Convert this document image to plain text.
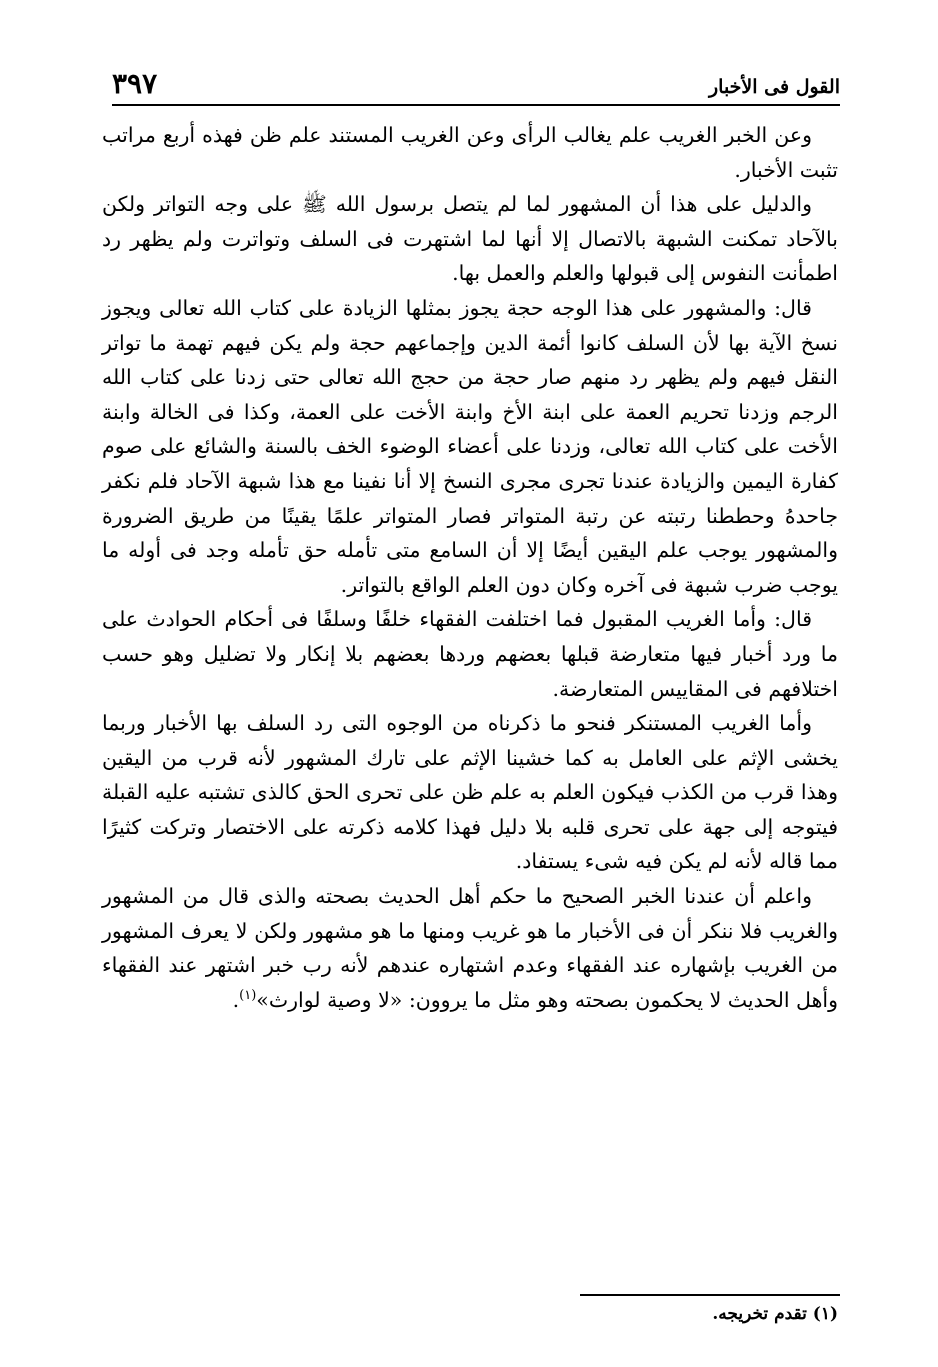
القول فى الأخبار
٣٩٧

وعن الخبر الغريب علم يغالب الرأى وعن الغريب المستند علم ظن فهذه أربع مراتب تثبت الأخبار.

والدليل على هذا أن المشهور لما لم يتصل برسول الله ﷺ على وجه التواتر ولكن بالآحاد تمكنت الشبهة بالاتصال إلا أنها لما اشتهرت فى السلف وتواترت ولم يظهر رد اطمأنت النفوس إلى قبولها والعلم والعمل بها.

قال: والمشهور على هذا الوجه حجة يجوز بمثلها الزيادة على كتاب الله تعالى ويجوز نسخ الآية بها لأن السلف كانوا أئمة الدين وإجماعهم حجة ولم يكن فيهم تهمة ما تواتر النقل فيهم ولم يظهر رد منهم صار حجة من حجج الله تعالى حتى زدنا على كتاب الله الرجم وزدنا تحريم العمة على ابنة الأخ وابنة الأخت على العمة، وكذا فى الخالة وابنة الأخت على كتاب الله تعالى، وزدنا على أعضاء الوضوء الخف بالسنة والشائع على صوم كفارة اليمين والزيادة عندنا تجرى مجرى النسخ إلا أنا نفينا مع هذا شبهة الآحاد فلم نكفر جاحدهُ وحططنا رتبته عن رتبة المتواتر فصار المتواتر علمًا يقينًا من طريق الضرورة والمشهور يوجب علم اليقين أيضًا إلا أن السامع متى تأمله حق تأمله وجد فى أوله ما يوجب ضرب شبهة فى آخره وكان دون العلم الواقع بالتواتر.

قال: وأما الغريب المقبول فما اختلفت الفقهاء خلفًا وسلفًا فى أحكام الحوادث على ما ورد أخبار فيها متعارضة قبلها بعضهم وردها بعضهم بلا إنكار ولا تضليل وهو حسب اختلافهم فى المقاييس المتعارضة.

وأما الغريب المستنكر فنحو ما ذكرناه من الوجوه التى رد السلف بها الأخبار وربما يخشى الإثم على العامل به كما خشينا الإثم على تارك المشهور لأنه قرب من اليقين وهذا قرب من الكذب فيكون العلم به علم ظن على تحرى الحق كالذى تشتبه عليه القبلة فيتوجه إلى جهة على تحرى قلبه بلا دليل فهذا كلامه ذكرته على الاختصار وتركت كثيرًا مما قاله لأنه لم يكن فيه شىء يستفاد.

واعلم أن عندنا الخبر الصحيح ما حكم أهل الحديث بصحته والذى قال من المشهور والغريب فلا ننكر أن فى الأخبار ما هو غريب ومنها ما هو مشهور ولكن لا يعرف المشهور من الغريب بإشهاره عند الفقهاء وعدم اشتهاره عندهم لأنه رب خبر اشتهر عند الفقهاء وأهل الحديث لا يحكمون بصحته وهو مثل ما يروون: «لا وصية لوارث»$^{(١)}$.

(١) تقدم تخريجه.
